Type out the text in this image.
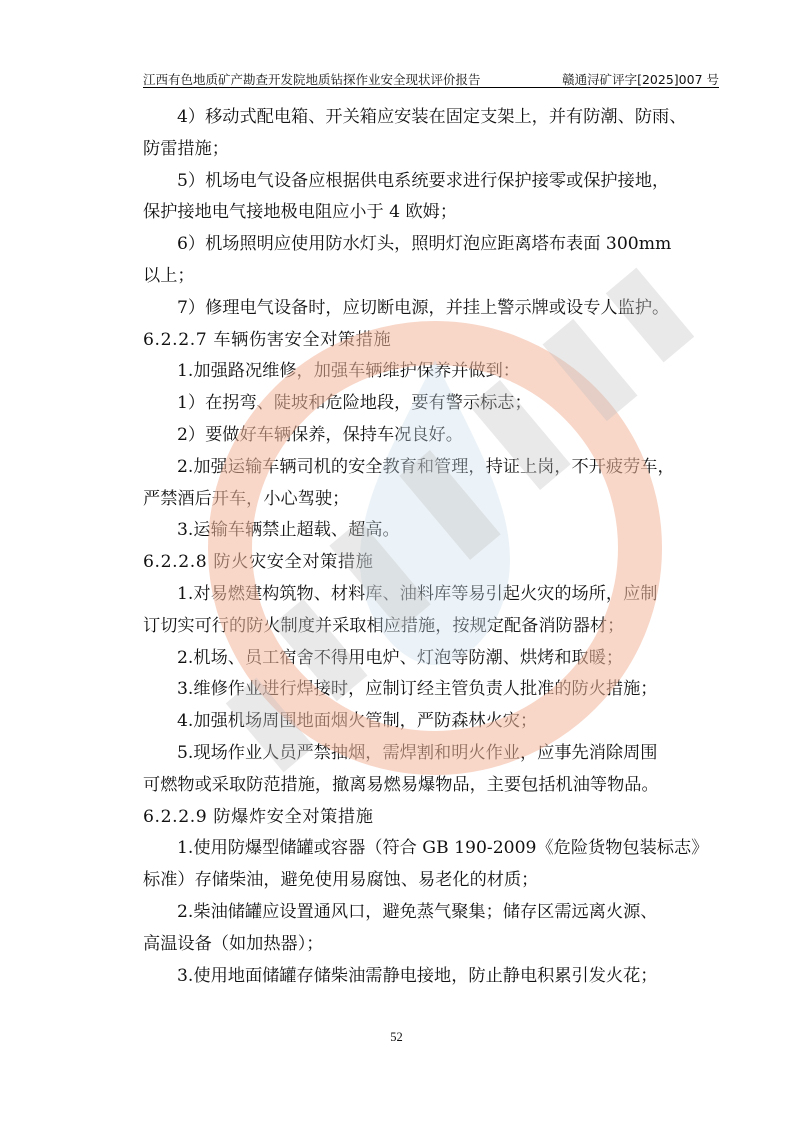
江西有色地质矿产勘查开发院地质钻探作业安全现状评价报告	赣通浔矿评字[2025]007 号

4）移动式配电箱、开关箱应安装在固定支架上，并有防潮、防雨、

防雷措施；

5）机场电气设备应根据供电系统要求进行保护接零或保护接地，

保护接地电气接地极电阻应小于 4 欧姆；

6）机场照明应使用防水灯头，照明灯泡应距离塔布表面 300mm

以上；

7）修理电气设备时，应切断电源，并挂上警示牌或设专人监护。

6.2.2.7 车辆伤害安全对策措施

1.加强路况维修，加强车辆维护保养并做到：

1）在拐弯、陡坡和危险地段，要有警示标志；

2）要做好车辆保养，保持车况良好。

2.加强运输车辆司机的安全教育和管理，持证上岗，不开疲劳车，

严禁酒后开车，小心驾驶；

3.运输车辆禁止超载、超高。

6.2.2.8 防火灾安全对策措施

1.对易燃建构筑物、材料库、油料库等易引起火灾的场所，应制

订切实可行的防火制度并采取相应措施，按规定配备消防器材；

2.机场、员工宿舍不得用电炉、灯泡等防潮、烘烤和取暖；

3.维修作业进行焊接时，应制订经主管负责人批准的防火措施；

4.加强机场周围地面烟火管制，严防森林火灾；

5.现场作业人员严禁抽烟，需焊割和明火作业，应事先消除周围

可燃物或采取防范措施，撤离易燃易爆物品，主要包括机油等物品。

6.2.2.9 防爆炸安全对策措施

1.使用防爆型储罐或容器（符合 GB 190-2009《危险货物包装标志》

标准）存储柴油，避免使用易腐蚀、易老化的材质；

2.柴油储罐应设置通风口，避免蒸气聚集；储存区需远离火源、

高温设备（如加热器）；

3.使用地面储罐存储柴油需静电接地，防止静电积累引发火花；

52
